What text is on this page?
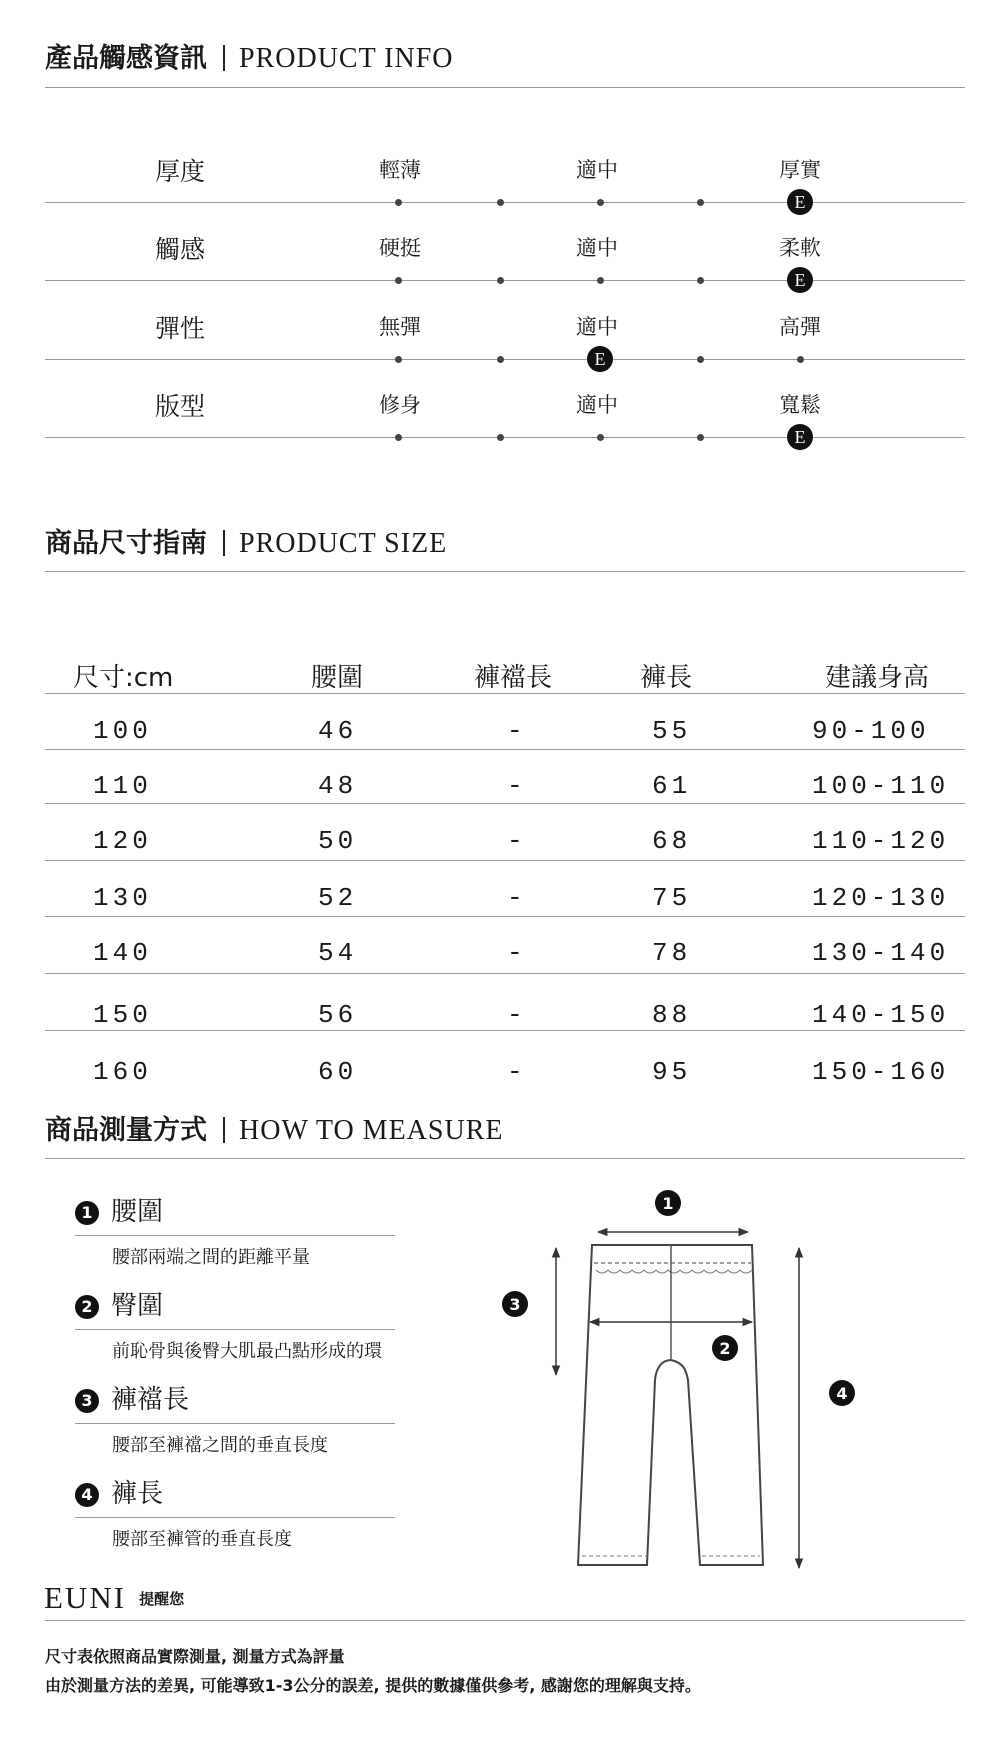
產品觸感資訊 PRODUCT INFO
厚度	輕薄	適中	厚實
E
觸感	硬挺	適中	柔軟
E
彈性	無彈	適中	高彈
E
版型	修身	適中	寬鬆
E
商品尺寸指南 PRODUCT SIZE
尺寸:cm	腰圍	褲襠長	褲長	建議身高
100	46	-	55	90-100
110	48	-	61	100-110
120	50	-	68	110-120
130	52	-	75	120-130
140	54	-	78	130-140
150	56	-	88	140-150
160	60	-	95	150-160
商品測量方式 HOW TO MEASURE
1 腰圍
腰部兩端之間的距離平量
2 臀圍
前恥骨與後臀大肌最凸點形成的環
3 褲襠長
腰部至褲襠之間的垂直長度
4 褲長
腰部至褲管的垂直長度
1
2
3
4
EUNI 提醒您
尺寸表依照商品實際測量, 測量方式為評量
由於測量方法的差異, 可能導致1-3公分的誤差, 提供的數據僅供參考, 感謝您的理解與支持。
